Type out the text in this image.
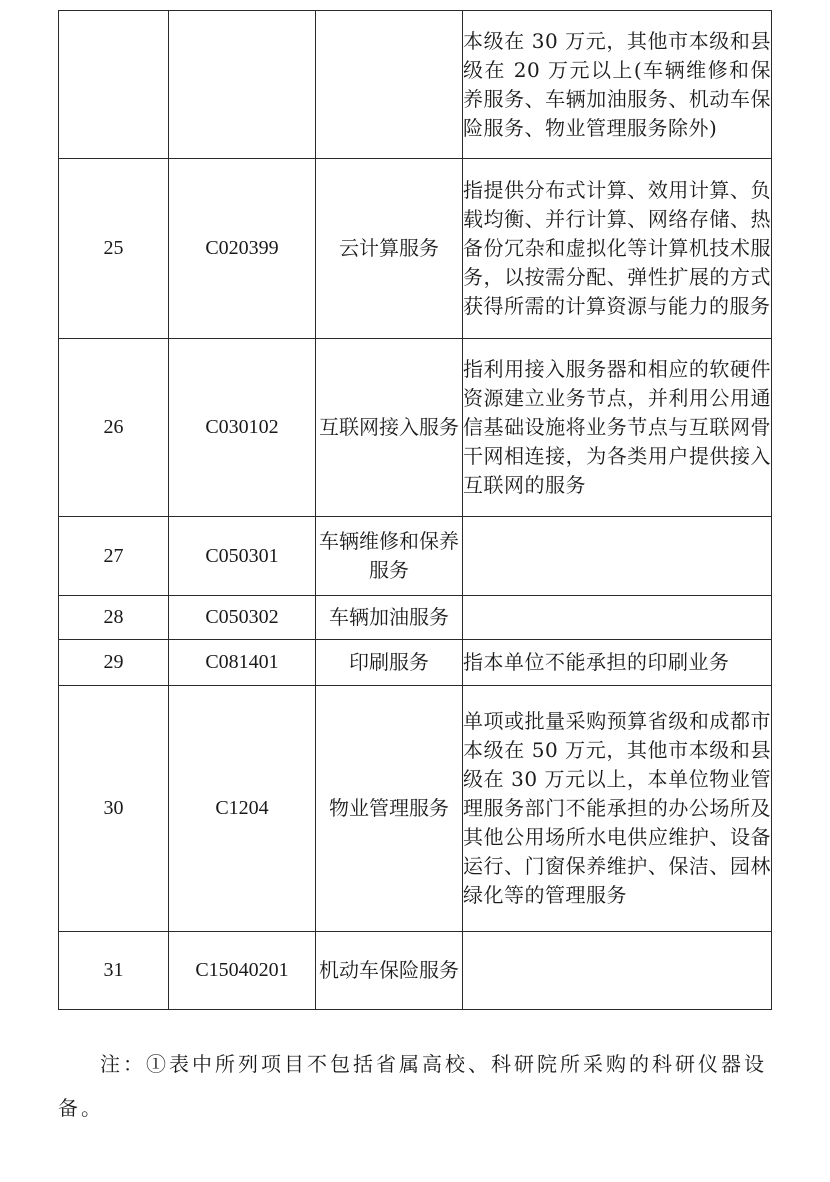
			本级在 30 万元，其他市本级和县级在 20 万元以上(车辆维修和保养服务、车辆加油服务、机动车保险服务、物业管理服务除外)
25	C020399	云计算服务	指提供分布式计算、效用计算、负载均衡、并行计算、网络存储、热备份冗杂和虚拟化等计算机技术服务，以按需分配、弹性扩展的方式获得所需的计算资源与能力的服务
26	C030102	互联网接入服务	指利用接入服务器和相应的软硬件资源建立业务节点，并利用公用通信基础设施将业务节点与互联网骨干网相连接，为各类用户提供接入互联网的服务
27	C050301	车辆维修和保养服务	
28	C050302	车辆加油服务	
29	C081401	印刷服务	指本单位不能承担的印刷业务
30	C1204	物业管理服务	单项或批量采购预算省级和成都市本级在 50 万元，其他市本级和县级在 30 万元以上，本单位物业管理服务部门不能承担的办公场所及其他公用场所水电供应维护、设备运行、门窗保养维护、保洁、园林绿化等的管理服务
31	C15040201	机动车保险服务	
注：①表中所列项目不包括省属高校、科研院所采购的科研仪器设备。
